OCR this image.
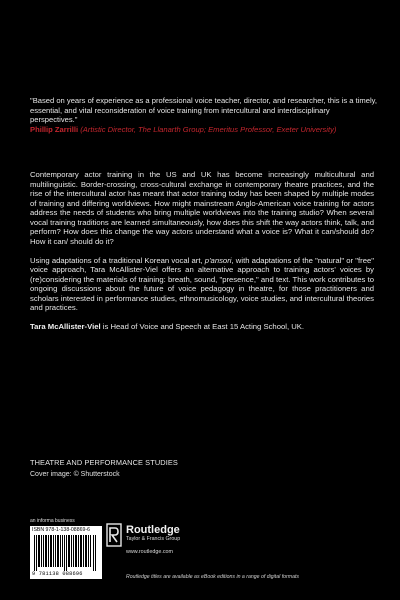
"Based on years of experience as a professional voice teacher, director, and researcher, this is a timely, essential, and vital reconsideration of voice training from intercultural and interdisciplinary perspectives."
Phillip Zarrilli (Artistic Director, The Llanarth Group; Emeritus Professor, Exeter University)

Contemporary actor training in the US and UK has become increasingly multicultural and multilinguistic. Border-crossing, cross-cultural exchange in contemporary theatre practices, and the rise of the intercultural actor has meant that actor training today has been shaped by multiple modes of training and differing worldviews. How might mainstream Anglo-American voice training for actors address the needs of students who bring multiple worldviews into the training studio? When several vocal training traditions are learned simultaneously, how does this shift the way actors think, talk, and perform? How does this change the way actors understand what a voice is? What it can/should do? How it can/ should do it?

Using adaptations of a traditional Korean vocal art, p'ansori, with adaptations of the "natural" or "free" voice approach, Tara McAllister-Viel offers an alternative approach to training actors' voices by (re)considering the materials of training: breath, sound, "presence," and text. This work contributes to ongoing discussions about the future of voice pedagogy in theatre, for those practitioners and scholars interested in performance studies, ethnomusicology, voice studies, and intercultural theories and practices.

Tara McAllister-Viel is Head of Voice and Speech at East 15 Acting School, UK.

THEATRE AND PERFORMANCE STUDIES
Cover image: © Shutterstock
an informa business
ISBN 978-1-138-08869-6
9 781138 088696
Routledge
Taylor & Francis Group
www.routledge.com
Routledge titles are available as eBook editions in a range of digital formats
